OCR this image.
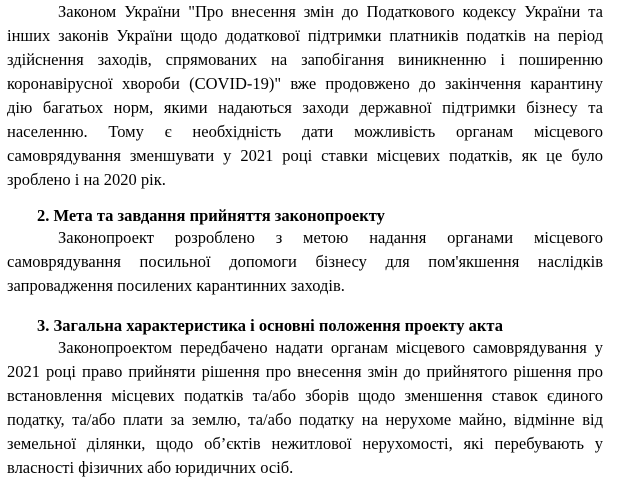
Законом України "Про внесення змін до Податкового кодексу України та
інших законів України щодо додаткової підтримки платників податків на період
здійснення заходів, спрямованих на запобігання виникненню і поширенню
коронавірусної хвороби (COVID-19)" вже продовжено до закінчення карантину
дію багатьох норм, якими надаються заходи державної підтримки бізнесу та
населенню. Тому є необхідність дати можливість органам місцевого
самоврядування зменшувати у 2021 році ставки місцевих податків, як це було
зроблено і на 2020 рік.
2. Мета та завдання прийняття законопроекту
Законопроект розроблено з метою надання органами місцевого
самоврядування посильної допомоги бізнесу для пом'якшення наслідків
запровадження посилених карантинних заходів.
3. Загальна характеристика і основні положення проекту акта
Законопроектом передбачено надати органам місцевого самоврядування у
2021 році право прийняти рішення про внесення змін до прийнятого рішення про
встановлення місцевих податків та/або зборів щодо зменшення ставок єдиного
податку, та/або плати за землю, та/або податку на нерухоме майно, відмінне від
земельної ділянки, щодо об’єктів нежитлової нерухомості, які перебувають у
власності фізичних або юридичних осіб.
